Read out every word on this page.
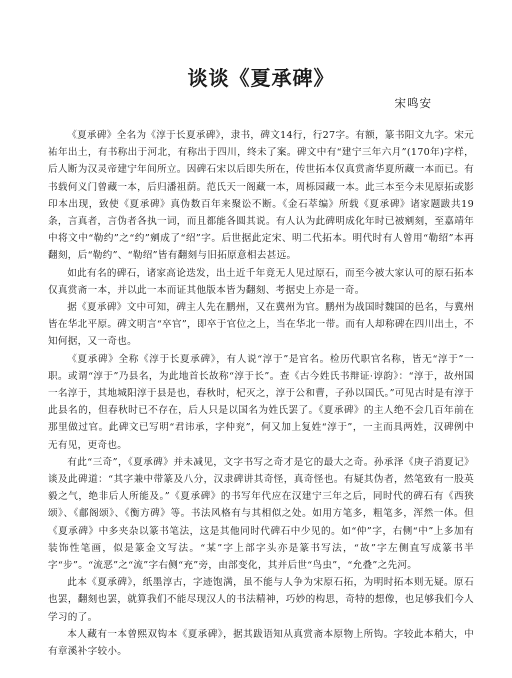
谈谈《夏承碑》
宋鸣安

《夏承碑》全名为《淳于长夏承碑》，隶书，碑文14行，行27字。有额，篆书阳文九字。宋元祐年出土，有书称出于河北，有称出于四川，终未了案。碑文中有“建宁三年六月”(170年)字样，后人断为汉灵帝建宁年间所立。因碑石宋以后即失所在，传世拓本仅真赏斋华夏所藏一本而已。有书载何义门曾藏一本，后归潘祖荫。范氏天一阁藏一本，周栎园藏一本。此三本至今未见原拓或影印本出现，致使《夏承碑》真伪数百年来聚讼不断。《金石萃编》所载《夏承碑》诸家题跋共19条，言真者，言伪者各执一词，而且都能各圆其说。有人认为此碑明成化年时已被剜刻，至嘉靖年中将文中“勒约”之“约”剜成了“绍”字。后世据此定宋、明二代拓本。明代时有人曾用“勒绍”本再翻刻，后“勒约”、“勒绍”皆有翻刻与旧拓原意相去甚远。

如此有名的碑石，诸家高论迭发，出土近千年竟无人见过原石，而至今被大家认可的原石拓本仅真赏斋一本，并以此一本而证其他版本皆为翻刻、考据史上亦是一奇。

据《夏承碑》文中可知，碑主人先在鹏州，又在冀州为官。鹏州为战国时魏国的邑名，与冀州皆在华北平原。碑文明言“卒官”，即卒于官位之上，当在华北一带。而有人却称碑在四川出土，不知何据，又一奇也。

《夏承碑》全称《淳于长夏承碑》，有人说“淳于”是官名。检历代职官名称，皆无“淳于”一职。或谓“淳于”乃县名，为此地首长故称“淳于长”。查《古今姓氏书辩证·谆韵》：“淳于，故州国一名淳于，其地城阳淳于县是也，春秋时，杞灭之，淳于公和曹，子孙以国氏。”可见古时是有淳于此县名的，但春秋时已不存在，后人只是以国名为姓氏罢了。《夏承碑》的主人绝不会几百年前在那里做过官。此碑文已写明“君讳承，字仲兖”，何又加上复姓“淳于”，一主而具两姓，汉碑例中无有见，更奇也。

有此“三奇”，《夏承碑》并未减见，文字书写之奇才是它的最大之奇。孙承泽《庚子消夏记》谈及此碑道：“其字兼中带篆及八分，汉隶碑讲其奇怪，真奇怪也。有疑其伪者，然笔致有一股英毅之气，绝非后人所能及。”《夏承碑》的书写年代应在汉建宁三年之后，同时代的碑石有《西狭颂》、《郙阁颂》、《衡方碑》等。书法风格有与其相似之处。如用方笔多，粗笔多，浑然一体。但《夏承碑》中多夹杂以篆书笔法，这是其他同时代碑石中少见的。如“仲”字，右侧“中”上多加有装饰性笔画，似是篆金文写法。“某”字上部字头亦是篆书写法，“故”字左侧直写成篆书半字“步”。“流恶”之“流”字右侧“充”旁，由部变化，其并后世“鸟虫”，“允叠”之先河。

此本《夏承碑》，纸墨淳古，字迹饱满，虽不能与人争为宋原石拓，为明时拓本则无疑。原石也罢，翻刻也罢，就算我们不能尽现汉人的书法精神，巧妙的构思，奇特的想像，也足够我们今人学习的了。

本人藏有一本曾熙双钩本《夏承碑》，据其跋语知从真赏斋本原物上所钩。字较此本稍大，中有章溪补字较小。
